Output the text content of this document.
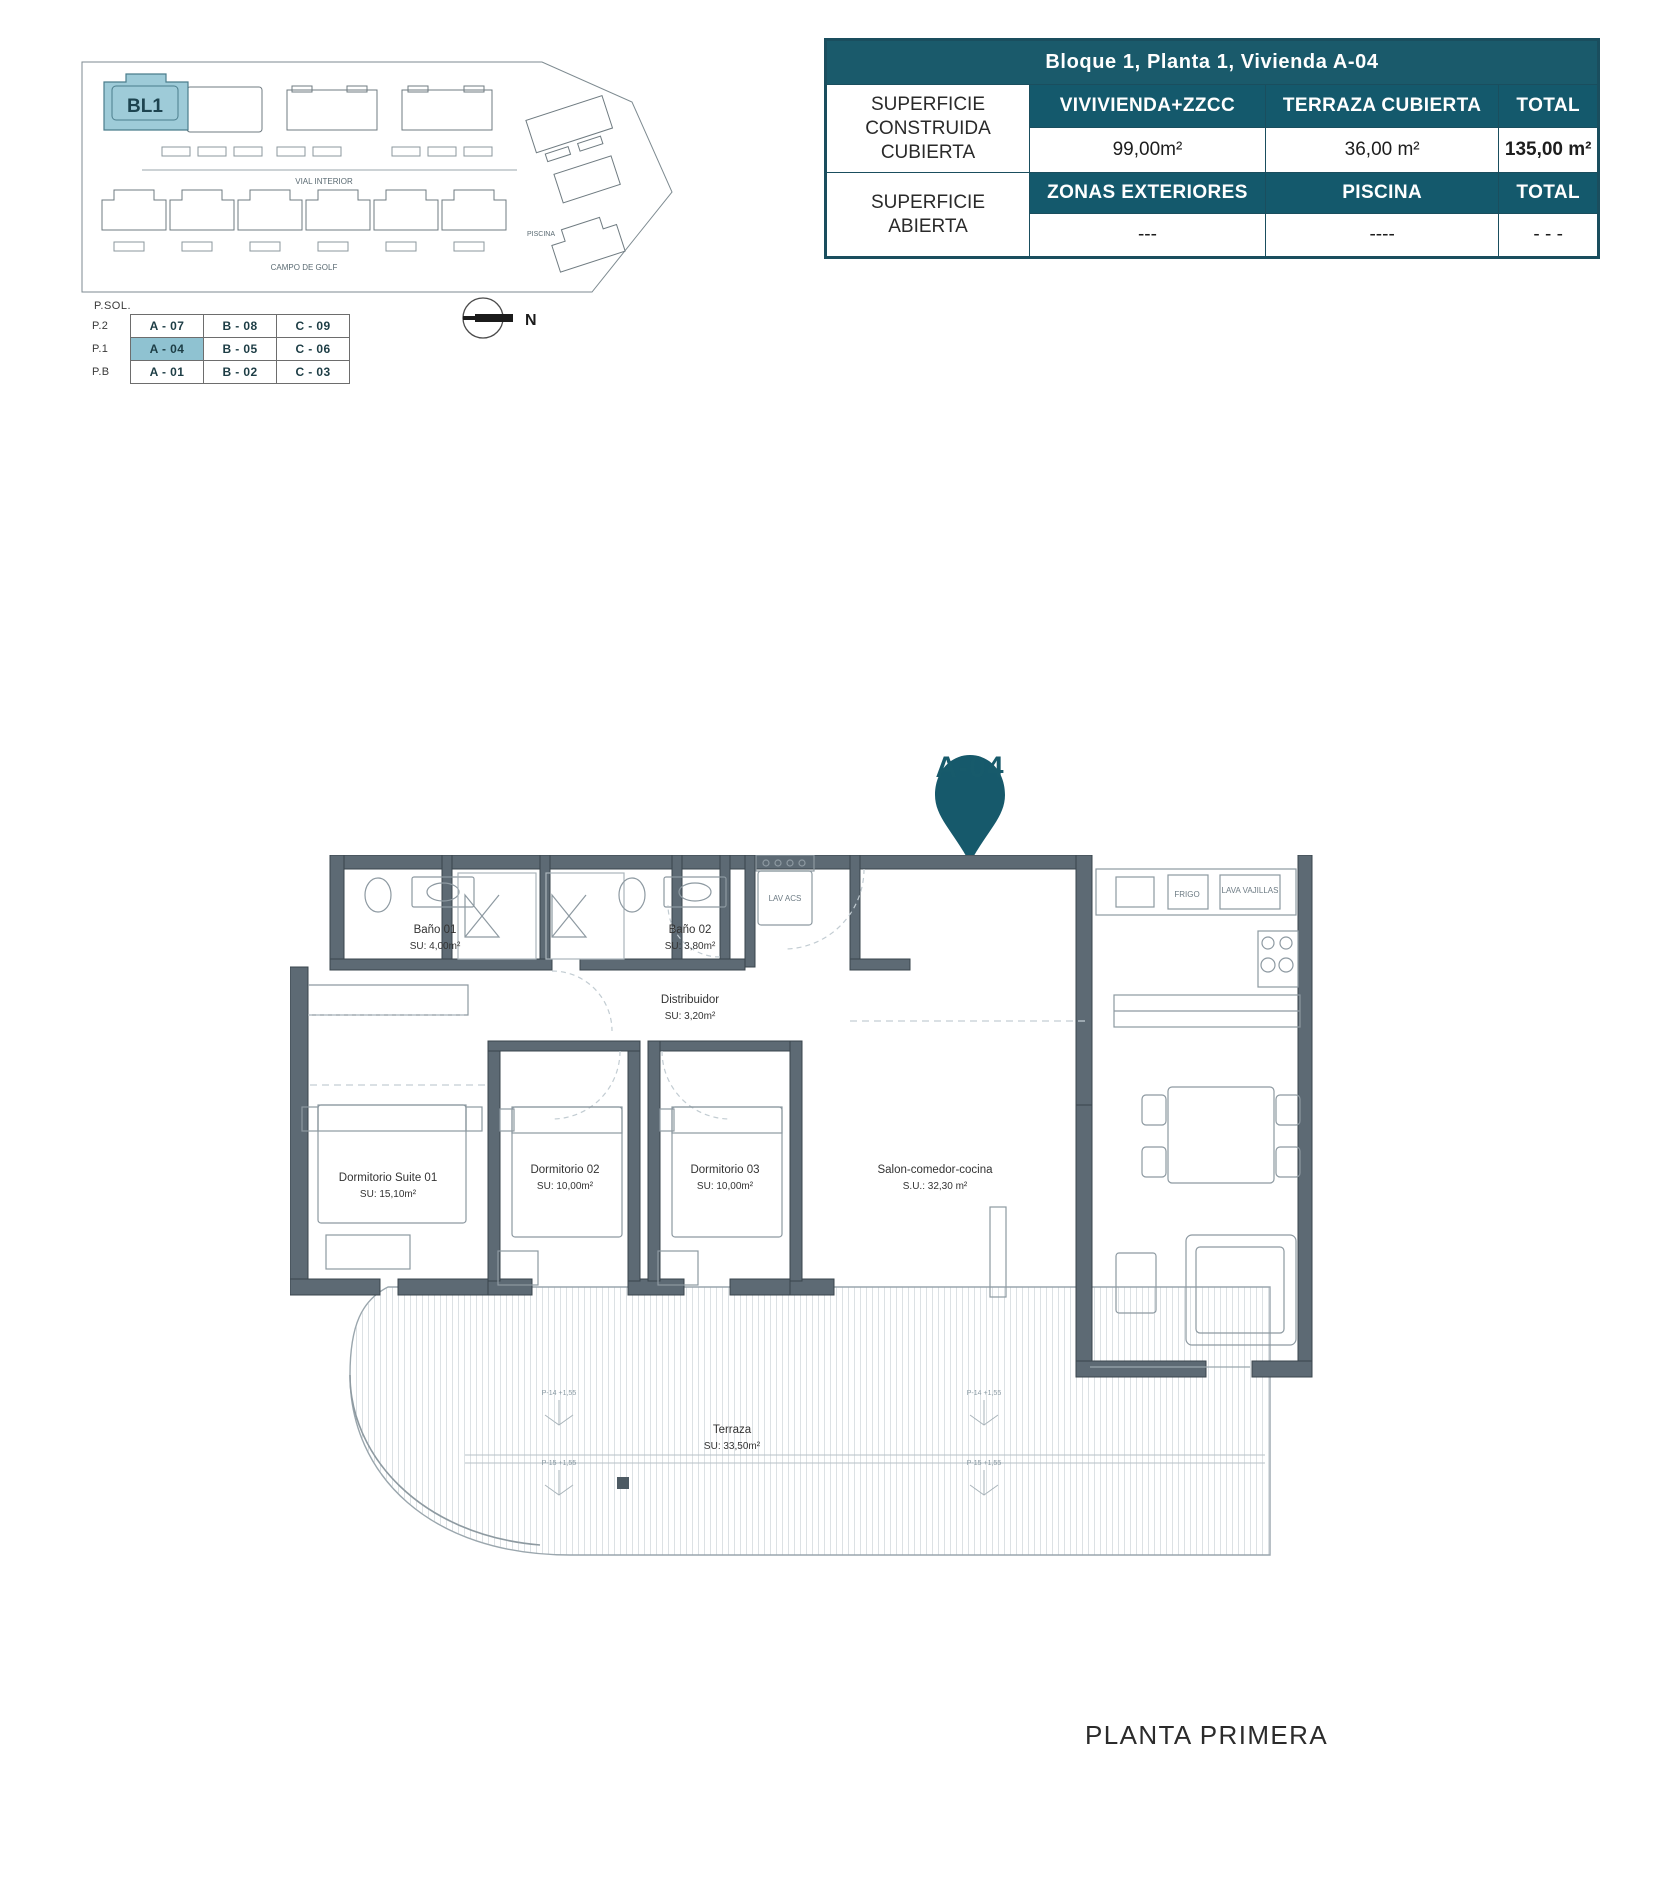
BL1
VIAL INTERIOR
CAMPO DE GOLF
PISCINA
P.SOL.
P.2	A - 07	B - 08	C - 09
P.1	A - 04	B - 05	C - 06
P.B	A - 01	B - 02	C - 03
N
Bloque 1, Planta 1, Vivienda A-04			
SUPERFICIE CONSTRUIDA CUBIERTA	VIVIVIENDA+ZZCC	TERRAZA CUBIERTA	TOTAL
	99,00m²	36,00 m²	135,00 m²
SUPERFICIE ABIERTA	ZONAS EXTERIORES	PISCINA	TOTAL
	---	----	- - -
A-04
P-14 +1,55
P-15 +1,55
P-14 +1,55
P-15 +1,55
FRIGO	LAVA VAJILLAS
LAV ACS
Baño 01
SU: 4,00m²
Baño 02
SU: 3,80m²
Distribuidor
SU: 3,20m²
Dormitorio Suite 01
SU: 15,10m²
Dormitorio 02
SU: 10,00m²
Dormitorio 03
SU: 10,00m²
Salon-comedor-cocina
S.U.: 32,30 m²
Terraza
SU: 33,50m²
PLANTA PRIMERA
